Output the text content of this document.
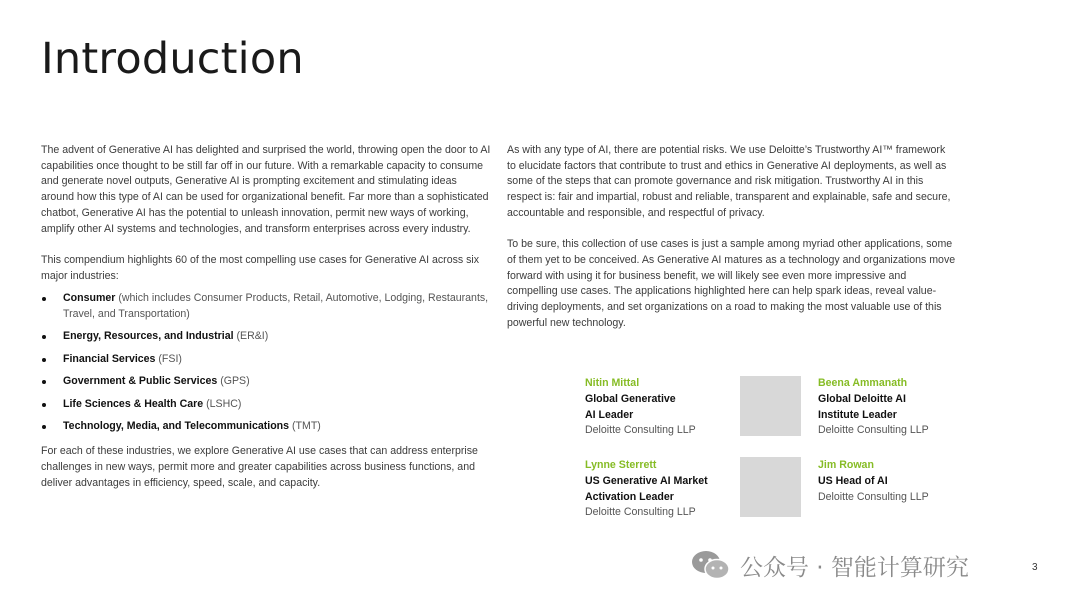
Introduction

The advent of Generative AI has delighted and surprised the world, throwing open the door to AI capabilities once thought to be still far off in our future. With a remarkable capacity to consume and generate novel outputs, Generative AI is prompting excitement and stimulating ideas around how this type of AI can be used for organizational benefit. Far more than a sophisticated chatbot, Generative AI has the potential to unleash innovation, permit new ways of working, amplify other AI systems and technologies, and transform enterprises across every industry.

This compendium highlights 60 of the most compelling use cases for Generative AI across six major industries:

Consumer (which includes Consumer Products, Retail, Automotive, Lodging, Restaurants, Travel, and Transportation)
Energy, Resources, and Industrial (ER&I)
Financial Services (FSI)
Government & Public Services (GPS)
Life Sciences & Health Care (LSHC)
Technology, Media, and Telecommunications (TMT)

For each of these industries, we explore Generative AI use cases that can address enterprise challenges in new ways, permit more and greater capabilities across business functions, and deliver advantages in efficiency, speed, scale, and capacity.

As with any type of AI, there are potential risks. We use Deloitte’s Trustworthy AI™ framework to elucidate factors that contribute to trust and ethics in Generative AI deployments, as well as some of the steps that can promote governance and risk mitigation. Trustworthy AI in this respect is: fair and impartial, robust and reliable, transparent and explainable, safe and secure, accountable and responsible, and respectful of privacy.

To be sure, this collection of use cases is just a sample among myriad other applications, some of them yet to be conceived. As Generative AI matures as a technology and organizations move forward with using it for business benefit, we will likely see even more impressive and compelling use cases. The applications highlighted here can help spark ideas, reveal value-driving deployments, and set organizations on a road to making the most valuable use of this powerful new technology.

Nitin Mittal
Global Generative
AI Leader
Deloitte Consulting LLP
Beena Ammanath
Global Deloitte AI
Institute Leader
Deloitte Consulting LLP
Lynne Sterrett
US Generative AI Market
Activation Leader
Deloitte Consulting LLP
Jim Rowan
US Head of AI
Deloitte Consulting LLP
公众号 · 智能计算研究	3
